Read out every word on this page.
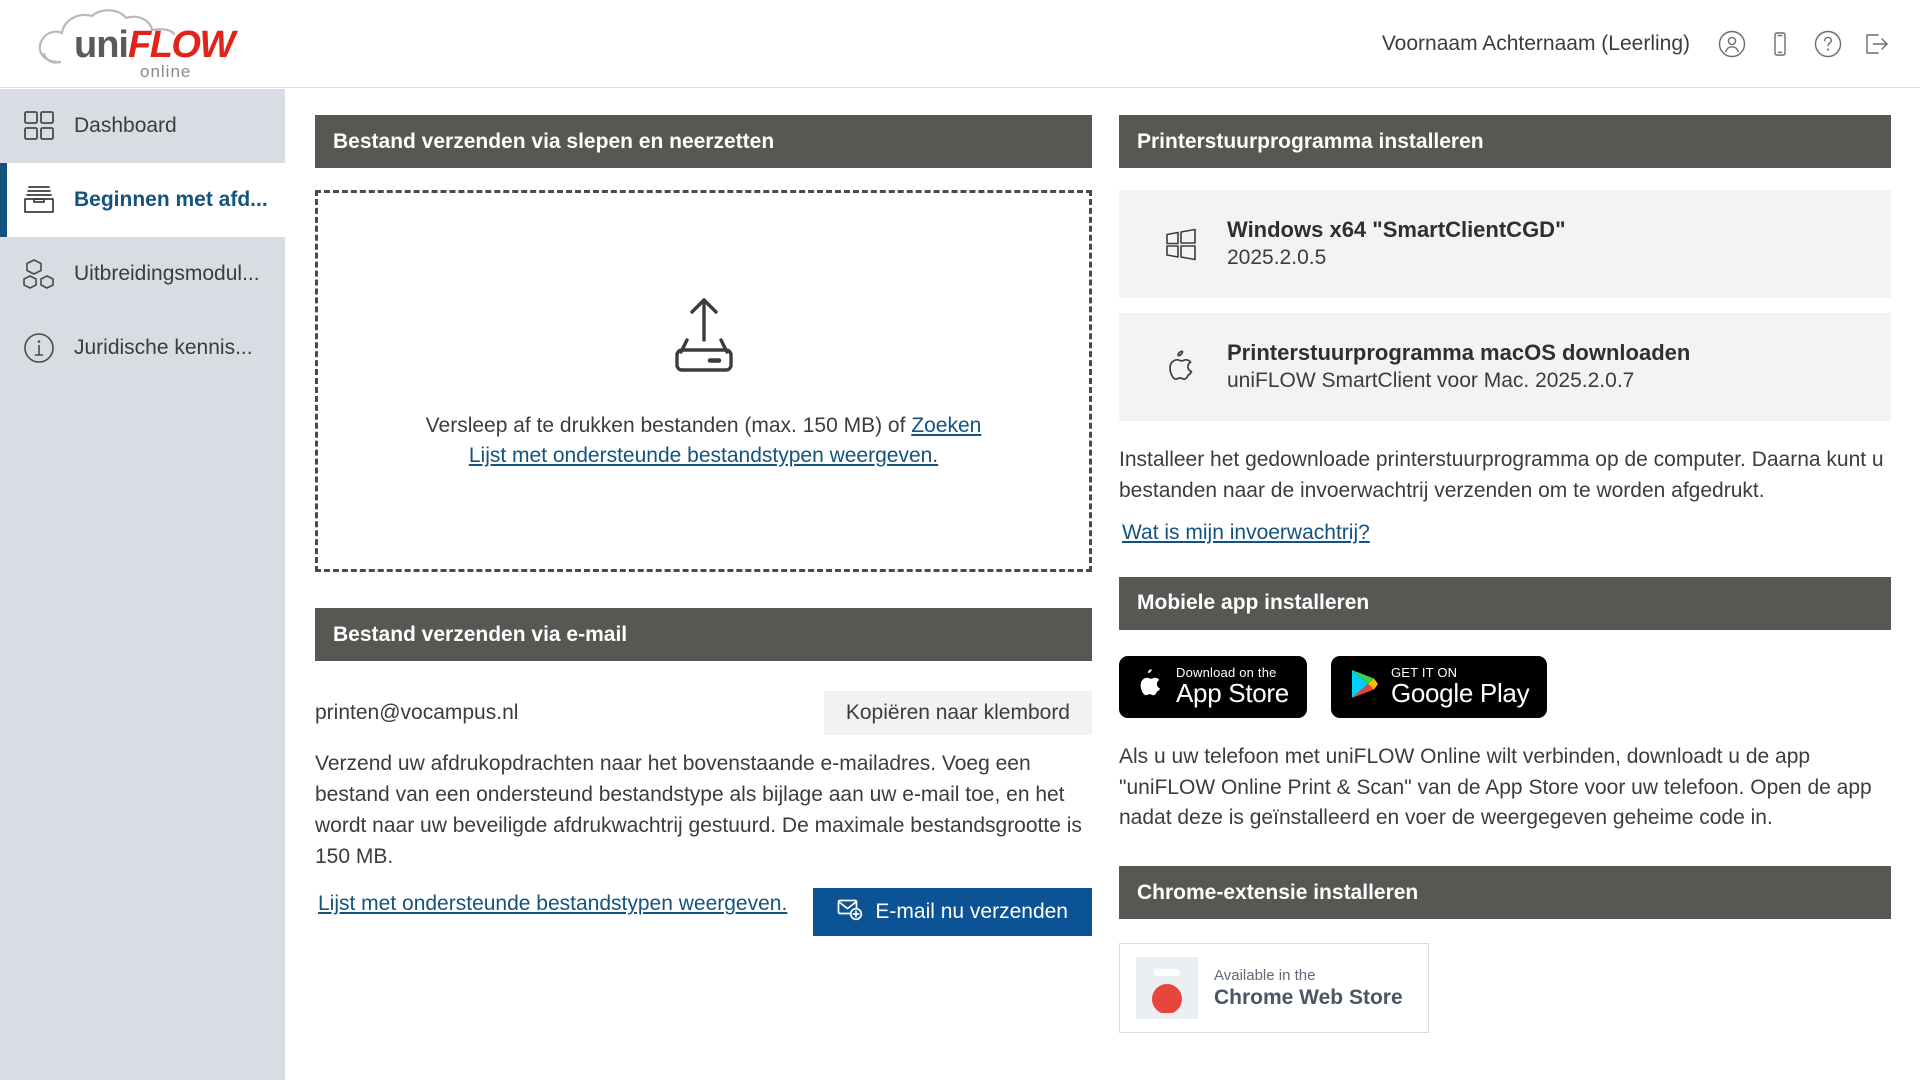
uniFLOW
online
Voornaam Achternaam (Leerling)
Dashboard
Beginnen met afd...
Uitbreidingsmodul...
Juridische kennis...
Bestand verzenden via slepen en neerzetten
Versleep af te drukken bestanden (max. 150 MB) of Zoeken
Lijst met ondersteunde bestandstypen weergeven.
Bestand verzenden via e-mail
printen@vocampus.nl	Kopiëren naar klembord

Verzend uw afdrukopdrachten naar het bovenstaande e-mailadres. Voeg een bestand van een ondersteund bestandstype als bijlage aan uw e-mail toe, en het wordt naar uw beveiligde afdrukwachtrij gestuurd. De maximale bestandsgrootte is 150 MB.

Lijst met ondersteunde bestandstypen weergeven.	E-mail nu verzenden
Printerstuurprogramma installeren
Windows x64 "SmartClientCGD"
2025.2.0.5
Printerstuurprogramma macOS downloaden
uniFLOW SmartClient voor Mac. 2025.2.0.7

Installeer het gedownloade printerstuurprogramma op de computer. Daarna kunt u bestanden naar de invoerwachtrij verzenden om te worden afgedrukt.

Wat is mijn invoerwachtrij?
Mobiele app installeren
Download on the
App Store
GET IT ON
Google Play

Als u uw telefoon met uniFLOW Online wilt verbinden, downloadt u de app "uniFLOW Online Print & Scan" van de App Store voor uw telefoon. Open de app nadat deze is geïnstalleerd en voer de weergegeven geheime code in.

Chrome-extensie installeren
Available in the
Chrome Web Store
